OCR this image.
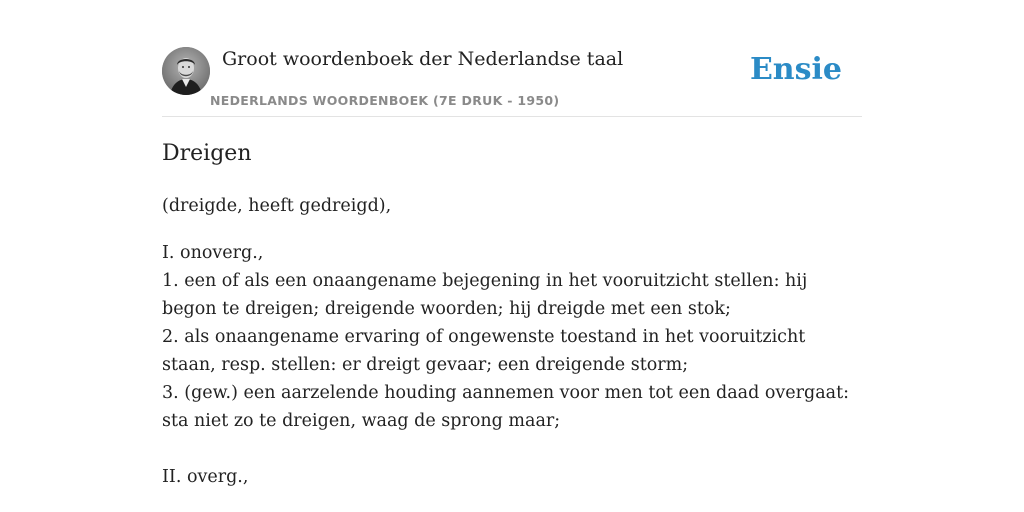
Groot woordenboek der Nederlandse taal
NEDERLANDS WOORDENBOEK (7E DRUK - 1950)
Ensie
Dreigen

(dreigde, heeft gedreigd),

I. onoverg.,

1. een of als een onaangename bejegening in het vooruitzicht stellen: hij begon te dreigen; dreigende woorden; hij dreigde met een stok;

2. als onaangename ervaring of ongewenste toestand in het vooruitzicht staan, resp. stellen: er dreigt gevaar; een dreigende storm;

3. (gew.) een aarzelende houding aannemen voor men tot een daad overgaat: sta niet zo te dreigen, waag de sprong maar;

II. overg.,
